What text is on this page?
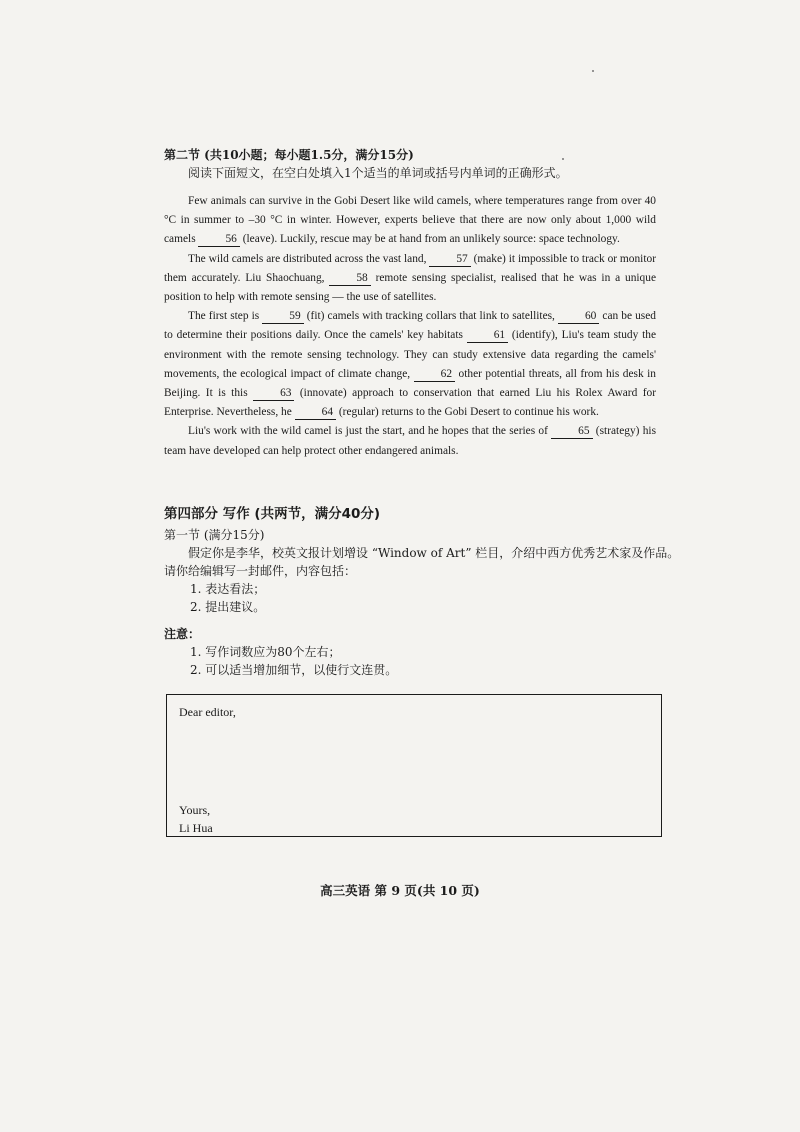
第二节 (共10小题；每小题1.5分，满分15分)
阅读下面短文，在空白处填入1个适当的单词或括号内单词的正确形式。

Few animals can survive in the Gobi Desert like wild camels, where temperatures range from over 40 °C in summer to –30 °C in winter. However, experts believe that there are now only about 1,000 wild camels 56 (leave). Luckily, rescue may be at hand from an unlikely source: space technology.

The wild camels are distributed across the vast land, 57 (make) it impossible to track or monitor them accurately. Liu Shaochuang, 58 remote sensing specialist, realised that he was in a unique position to help with remote sensing — the use of satellites.

The first step is 59 (fit) camels with tracking collars that link to satellites, 60 can be used to determine their positions daily. Once the camels' key habitats 61 (identify), Liu's team study the environment with the remote sensing technology. They can study extensive data regarding the camels' movements, the ecological impact of climate change, 62 other potential threats, all from his desk in Beijing. It is this 63 (innovate) approach to conservation that earned Liu his Rolex Award for Enterprise. Nevertheless, he 64 (regular) returns to the Gobi Desert to continue his work.

Liu's work with the wild camel is just the start, and he hopes that the series of 65 (strategy) his team have developed can help protect other endangered animals.

第四部分 写作 (共两节，满分40分)
第一节 (满分15分)
假定你是李华，校英文报计划增设 “Window of Art” 栏目，介绍中西方优秀艺术家及作品。
请你给编辑写一封邮件，内容包括：
1. 表达看法；
2. 提出建议。
注意：
1. 写作词数应为80个左右；
2. 可以适当增加细节，以使行文连贯。
Dear editor,
Yours,
Li Hua
高三英语 第 9 页(共 10 页)
